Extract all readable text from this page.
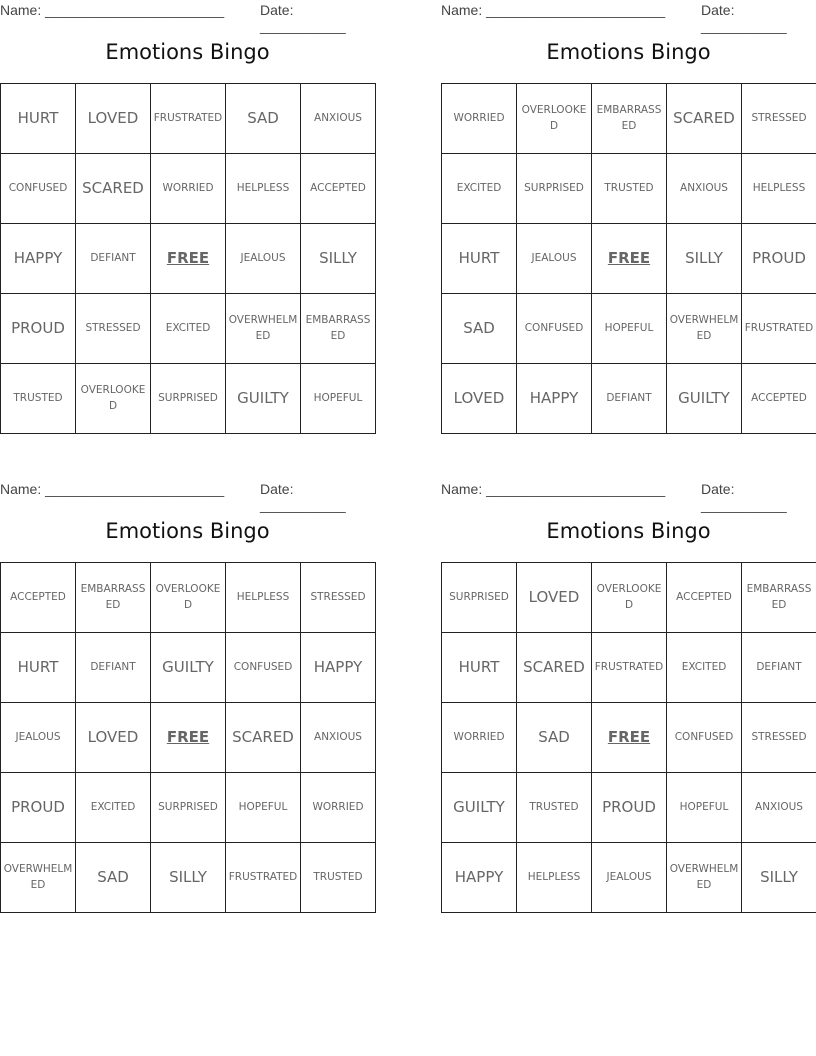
Name: _______________________	Date: ___________
Emotions Bingo
HURT	LOVED	FRUSTRATED	SAD	ANXIOUS
CONFUSED	SCARED	WORRIED	HELPLESS	ACCEPTED
HAPPY	DEFIANT	FREE	JEALOUS	SILLY
PROUD	STRESSED	EXCITED	OVERWHELMED	EMBARRASSED
TRUSTED	OVERLOOKED	SURPRISED	GUILTY	HOPEFUL
Name: _______________________	Date: ___________
Emotions Bingo
WORRIED	OVERLOOKED	EMBARRASSED	SCARED	STRESSED
EXCITED	SURPRISED	TRUSTED	ANXIOUS	HELPLESS
HURT	JEALOUS	FREE	SILLY	PROUD
SAD	CONFUSED	HOPEFUL	OVERWHELMED	FRUSTRATED
LOVED	HAPPY	DEFIANT	GUILTY	ACCEPTED
Name: _______________________	Date: ___________
Emotions Bingo
ACCEPTED	EMBARRASSED	OVERLOOKED	HELPLESS	STRESSED
HURT	DEFIANT	GUILTY	CONFUSED	HAPPY
JEALOUS	LOVED	FREE	SCARED	ANXIOUS
PROUD	EXCITED	SURPRISED	HOPEFUL	WORRIED
OVERWHELMED	SAD	SILLY	FRUSTRATED	TRUSTED
Name: _______________________	Date: ___________
Emotions Bingo
SURPRISED	LOVED	OVERLOOKED	ACCEPTED	EMBARRASSED
HURT	SCARED	FRUSTRATED	EXCITED	DEFIANT
WORRIED	SAD	FREE	CONFUSED	STRESSED
GUILTY	TRUSTED	PROUD	HOPEFUL	ANXIOUS
HAPPY	HELPLESS	JEALOUS	OVERWHELMED	SILLY
